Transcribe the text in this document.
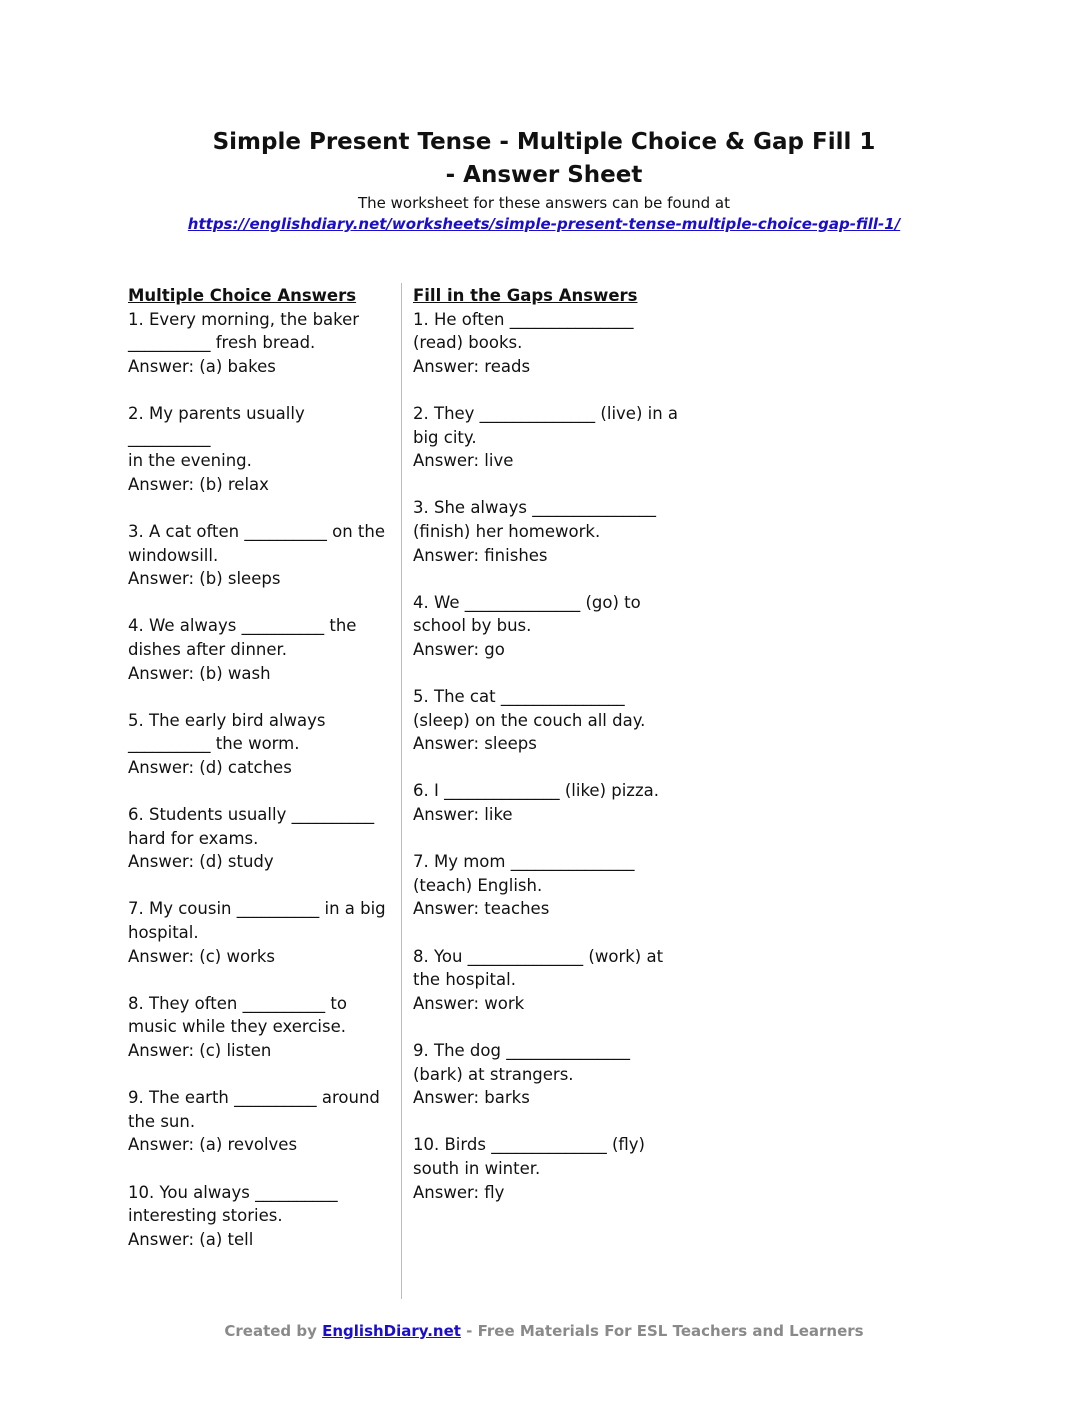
Simple Present Tense - Multiple Choice & Gap Fill 1
- Answer Sheet
The worksheet for these answers can be found at
https://englishdiary.net/worksheets/simple-present-tense-multiple-choice-gap-fill-1/
Multiple Choice Answers
1. Every morning, the baker
__________ fresh bread.
Answer: (a) bakes
2. My parents usually __________
in the evening.
Answer: (b) relax
3. A cat often __________ on the
windowsill.
Answer: (b) sleeps
4. We always __________ the
dishes after dinner.
Answer: (b) wash
5. The early bird always
__________ the worm.
Answer: (d) catches
6. Students usually __________
hard for exams.
Answer: (d) study
7. My cousin __________ in a big
hospital.
Answer: (c) works
8. They often __________ to
music while they exercise.
Answer: (c) listen
9. The earth __________ around
the sun.
Answer: (a) revolves
10. You always __________
interesting stories.
Answer: (a) tell
Fill in the Gaps Answers
1. He often _______________
(read) books.
Answer: reads
2. They ______________ (live) in a
big city.
Answer: live
3. She always _______________
(finish) her homework.
Answer: finishes
4. We ______________ (go) to
school by bus.
Answer: go
5. The cat _______________
(sleep) on the couch all day.
Answer: sleeps
6. I ______________ (like) pizza.
Answer: like
7. My mom _______________
(teach) English.
Answer: teaches
8. You ______________ (work) at
the hospital.
Answer: work
9. The dog _______________
(bark) at strangers.
Answer: barks
10. Birds ______________ (fly)
south in winter.
Answer: fly
Created by EnglishDiary.net - Free Materials For ESL Teachers and Learners
